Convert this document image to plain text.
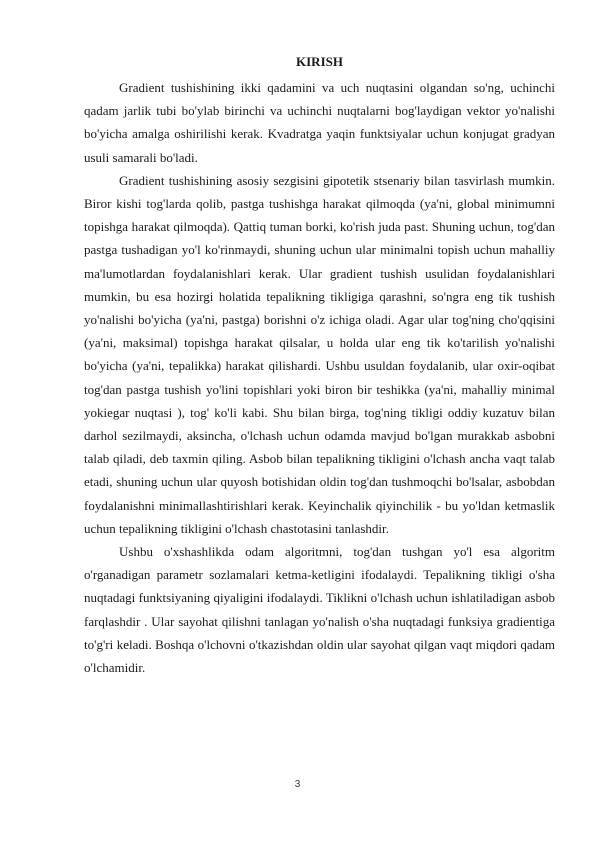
KIRISH

Gradient tushishining ikki qadamini va uch nuqtasini olgandan so'ng, uchinchi qadam jarlik tubi bo'ylab birinchi va uchinchi nuqtalarni bog'laydigan vektor yo'nalishi bo'yicha amalga oshirilishi kerak. Kvadratga yaqin funktsiyalar uchun konjugat gradyan usuli samarali bo'ladi.

Gradient tushishining asosiy sezgisini gipotetik stsenariy bilan tasvirlash mumkin. Biror kishi tog'larda qolib, pastga tushishga harakat qilmoqda (ya'ni, global minimumni topishga harakat qilmoqda). Qattiq tuman borki, ko'rish juda past. Shuning uchun, tog'dan pastga tushadigan yo'l ko'rinmaydi, shuning uchun ular minimalni topish uchun mahalliy ma'lumotlardan foydalanishlari kerak. Ular gradient tushish usulidan foydalanishlari mumkin, bu esa hozirgi holatida tepalikning tikligiga qarashni, so'ngra eng tik tushish yo'nalishi bo'yicha (ya'ni, pastga) borishni o'z ichiga oladi. Agar ular tog'ning cho'qqisini (ya'ni, maksimal) topishga harakat qilsalar, u holda ular eng tik ko'tarilish yo'nalishi bo'yicha (ya'ni, tepalikka) harakat qilishardi. Ushbu usuldan foydalanib, ular oxir-oqibat tog'dan pastga tushish yo'lini topishlari yoki biron bir teshikka (ya'ni, mahalliy minimal yokiegar nuqtasi ), tog' ko'li kabi. Shu bilan birga, tog'ning tikligi oddiy kuzatuv bilan darhol sezilmaydi, aksincha, o'lchash uchun odamda mavjud bo'lgan murakkab asbobni talab qiladi, deb taxmin qiling. Asbob bilan tepalikning tikligini o'lchash ancha vaqt talab etadi, shuning uchun ular quyosh botishidan oldin tog'dan tushmoqchi bo'lsalar, asbobdan foydalanishni minimallashtirishlari kerak. Keyinchalik qiyinchilik - bu yo'ldan ketmaslik uchun tepalikning tikligini o'lchash chastotasini tanlashdir.

Ushbu o'xshashlikda odam algoritmni, tog'dan tushgan yo'l esa algoritm o'rganadigan parametr sozlamalari ketma-ketligini ifodalaydi. Tepalikning tikligi o'sha nuqtadagi funktsiyaning qiyaligini ifodalaydi. Tiklikni o'lchash uchun ishlatiladigan asbob farqlashdir . Ular sayohat qilishni tanlagan yo'nalish o'sha nuqtadagi funksiya gradientiga to'g'ri keladi. Boshqa o'lchovni o'tkazishdan oldin ular sayohat qilgan vaqt miqdori qadam o'lchamidir.

3
